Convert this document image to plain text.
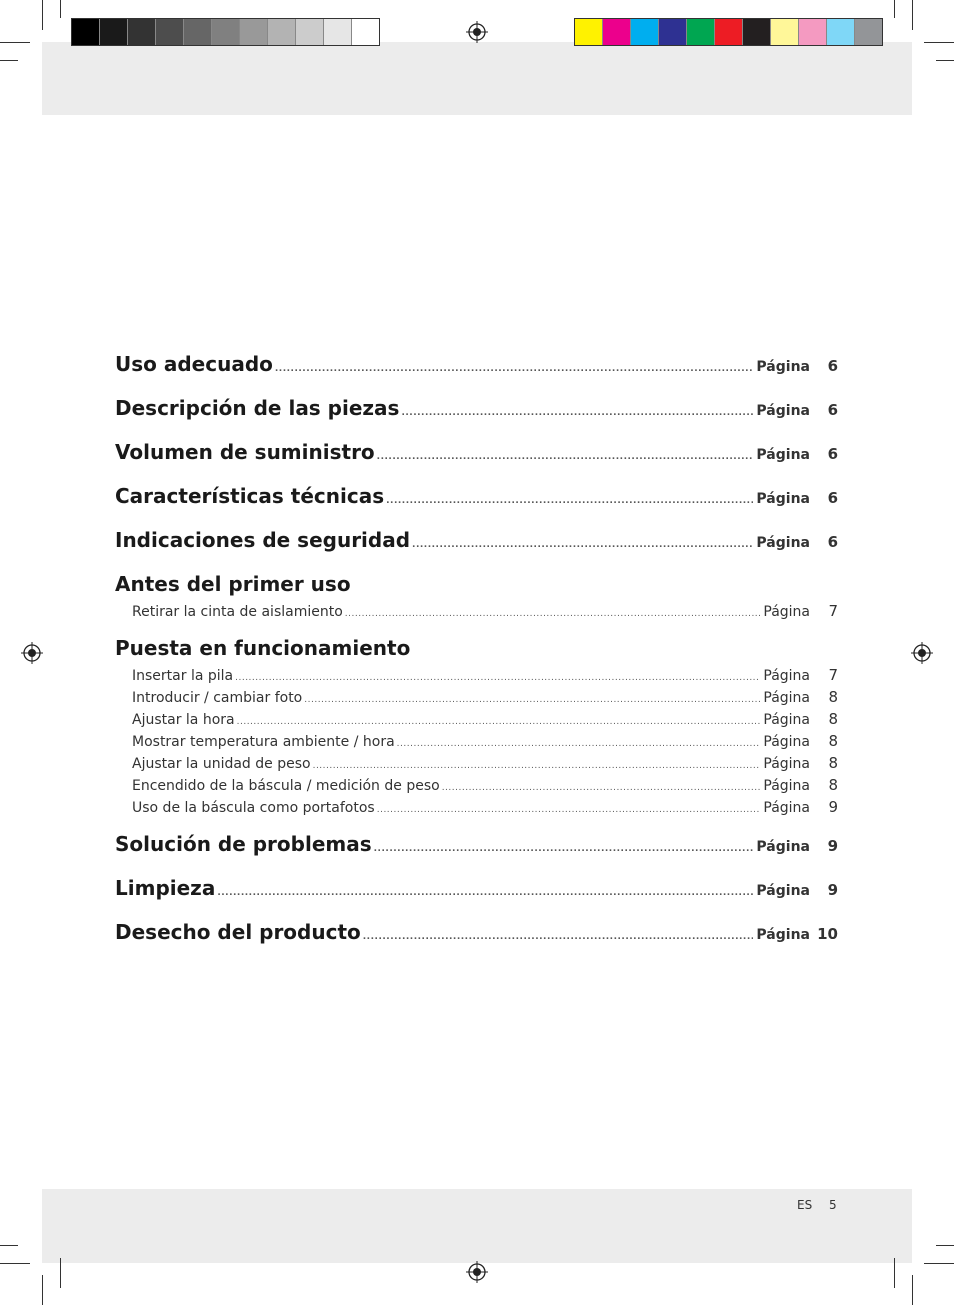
Uso adecuado .....	Página	6
Descripción de las piezas .....	Página	6
Volumen de suministro .....	Página	6
Características técnicas .....	Página	6
Indicaciones de seguridad .....	Página	6
Antes del primer uso
Retirar la cinta de aislamiento .....	Página	7
Puesta en funcionamiento
Insertar la pila .....	Página	7
Introducir / cambiar foto .....	Página	8
Ajustar la hora .....	Página	8
Mostrar temperatura ambiente / hora .....	Página	8
Ajustar la unidad de peso .....	Página	8
Encendido de la báscula / medición de peso .....	Página	8
Uso de la báscula como portafotos .....	Página	9
Solución de problemas .....	Página	9
Limpieza .....	Página	9
Desecho del producto .....	Página 10
ES 5
